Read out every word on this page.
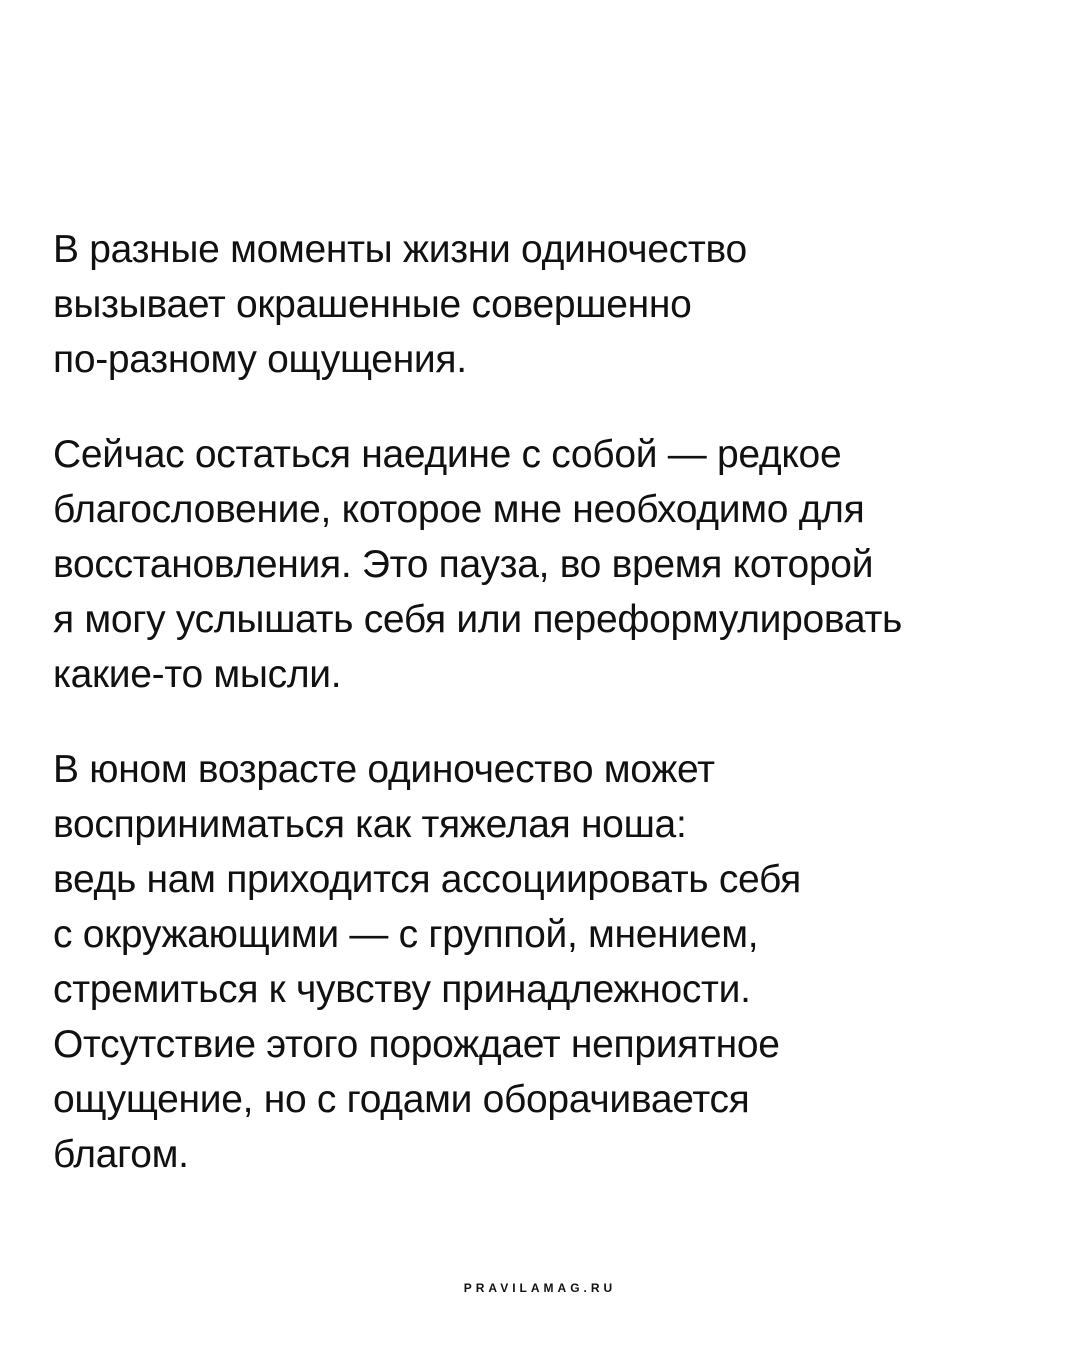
В разные моменты жизни одиночество
вызывает окрашенные совершенно
по-разному ощущения.

Сейчас остаться наедине с собой — редкое
благословение, которое мне необходимо для
восстановления. Это пауза, во время которой
я могу услышать себя или переформулировать
какие-то мысли.

В юном возрасте одиночество может
восприниматься как тяжелая ноша:
ведь нам приходится ассоциировать себя
с окружающими — с группой, мнением,
стремиться к чувству принадлежности.
Отсутствие этого порождает неприятное
ощущение, но с годами оборачивается
благом.

PRAVILAMAG.RU
